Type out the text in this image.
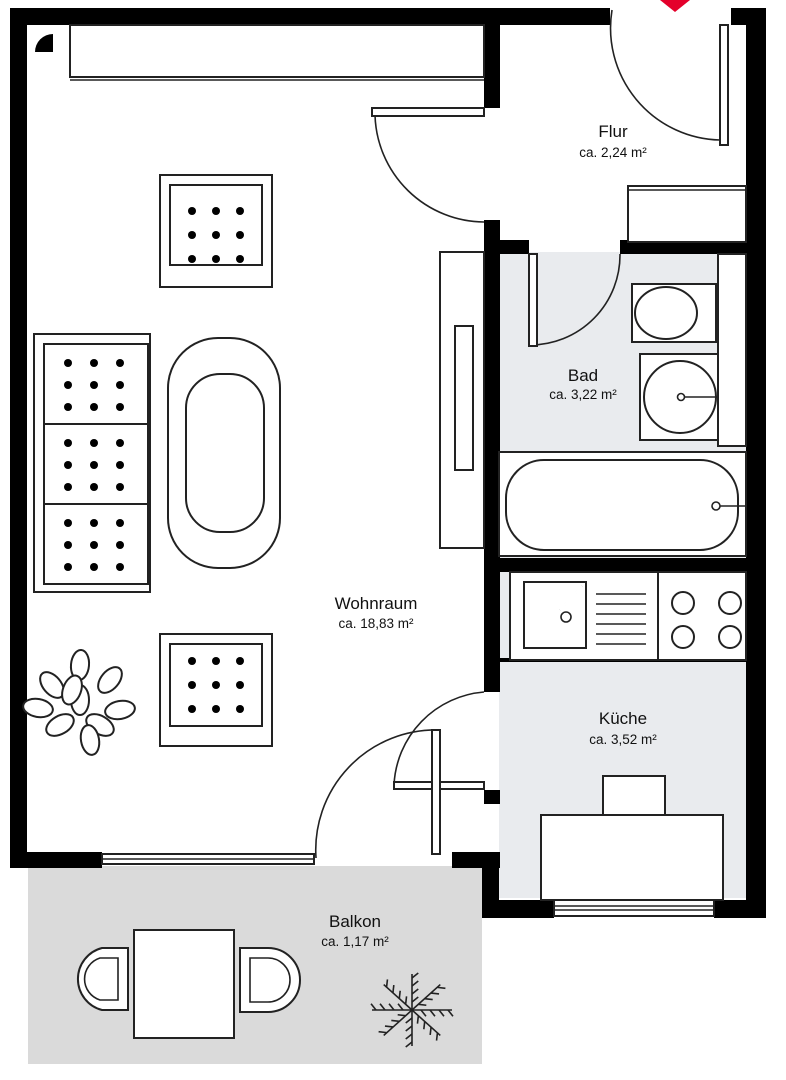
Wohnraum
ca. 18,83 m²
Flur
ca. 2,24 m²
Bad
ca. 3,22 m²
Küche
ca. 3,52 m²
Balkon
ca. 1,17 m²
